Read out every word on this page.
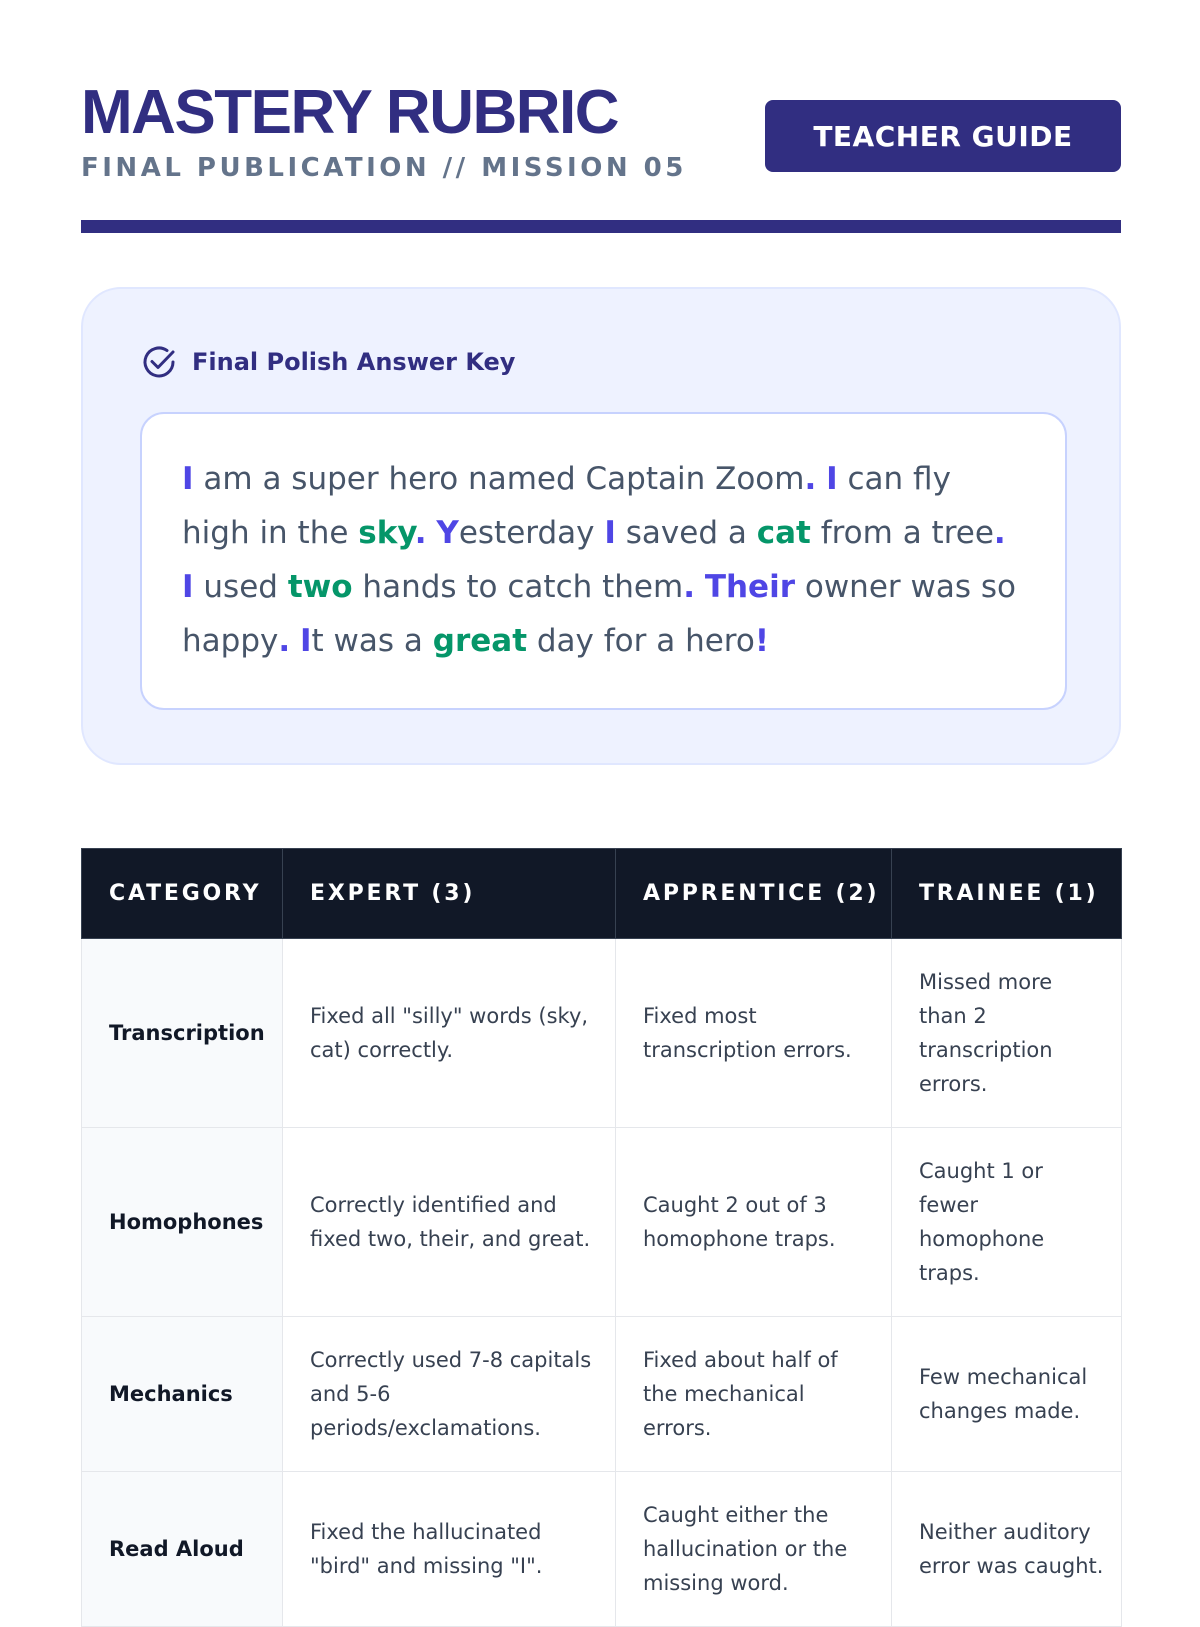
MASTERY RUBRIC
FINAL PUBLICATION // MISSION 05
TEACHER GUIDE
Final Polish Answer Key
I am a super hero named Captain Zoom. I can fly high in the sky. Yesterday I saved a cat from a tree. I used two hands to catch them. Their owner was so happy. It was a great day for a hero!
CATEGORY	EXPERT (3)	APPRENTICE (2)	TRAINEE (1)
Transcription	Fixed all "silly" words (sky, cat) correctly.	Fixed most transcription errors.	Missed more than 2 transcription errors.
Homophones	Correctly identified and fixed two, their, and great.	Caught 2 out of 3 homophone traps.	Caught 1 or fewer homophone traps.
Mechanics	Correctly used 7-8 capitals and 5-6 periods/exclamations.	Fixed about half of the mechanical errors.	Few mechanical changes made.
Read Aloud	Fixed the hallucinated "bird" and missing "I".	Caught either the hallucination or the missing word.	Neither auditory error was caught.
